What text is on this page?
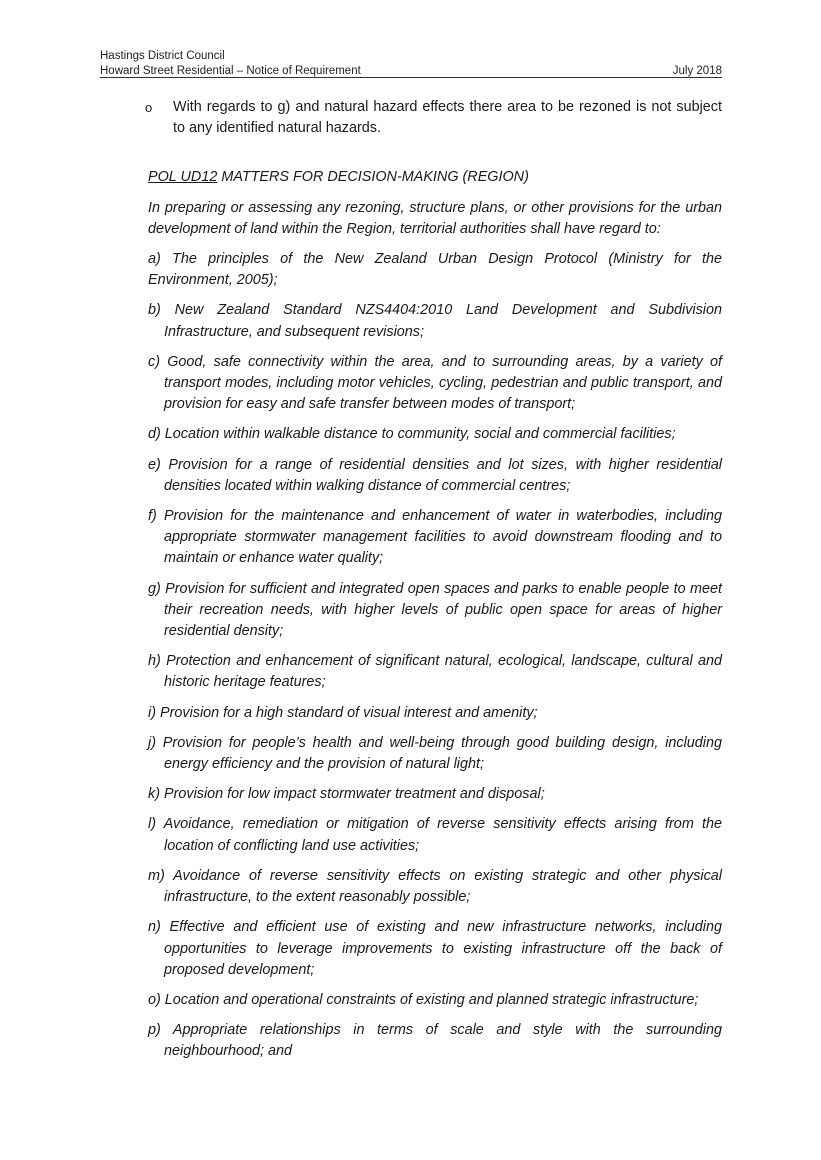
Hastings District Council
Howard Street Residential – Notice of Requirement	July 2018
o With regards to g) and natural hazard effects there area to be rezoned is not subject to any identified natural hazards.
POL UD12 MATTERS FOR DECISION-MAKING (REGION)
In preparing or assessing any rezoning, structure plans, or other provisions for the urban development of land within the Region, territorial authorities shall have regard to:
a) The principles of the New Zealand Urban Design Protocol (Ministry for the Environment, 2005);
b) New Zealand Standard NZS4404:2010 Land Development and Subdivision Infrastructure, and subsequent revisions;
c) Good, safe connectivity within the area, and to surrounding areas, by a variety of transport modes, including motor vehicles, cycling, pedestrian and public transport, and provision for easy and safe transfer between modes of transport;
d) Location within walkable distance to community, social and commercial facilities;
e) Provision for a range of residential densities and lot sizes, with higher residential densities located within walking distance of commercial centres;
f) Provision for the maintenance and enhancement of water in waterbodies, including appropriate stormwater management facilities to avoid downstream flooding and to maintain or enhance water quality;
g) Provision for sufficient and integrated open spaces and parks to enable people to meet their recreation needs, with higher levels of public open space for areas of higher residential density;
h) Protection and enhancement of significant natural, ecological, landscape, cultural and historic heritage features;
i) Provision for a high standard of visual interest and amenity;
j) Provision for people’s health and well-being through good building design, including energy efficiency and the provision of natural light;
k) Provision for low impact stormwater treatment and disposal;
l) Avoidance, remediation or mitigation of reverse sensitivity effects arising from the location of conflicting land use activities;
m) Avoidance of reverse sensitivity effects on existing strategic and other physical infrastructure, to the extent reasonably possible;
n) Effective and efficient use of existing and new infrastructure networks, including opportunities to leverage improvements to existing infrastructure off the back of proposed development;
o) Location and operational constraints of existing and planned strategic infrastructure;
p) Appropriate relationships in terms of scale and style with the surrounding neighbourhood; and
